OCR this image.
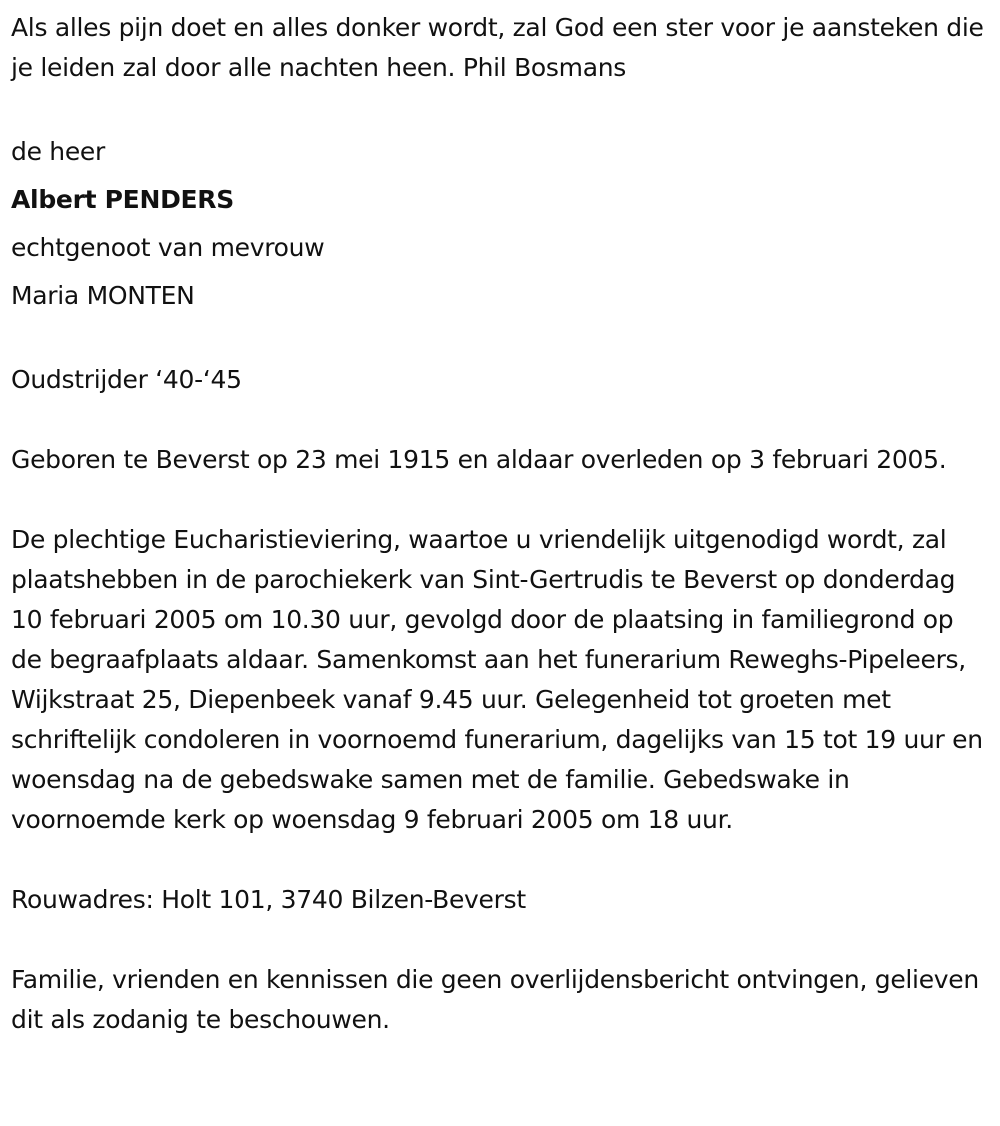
Als alles pijn doet en alles donker wordt, zal God een ster voor je aansteken die je leiden zal door alle nachten heen. Phil Bosmans

de heer

Albert PENDERS

echtgenoot van mevrouw

Maria MONTEN

Oudstrijder ‘40-‘45

Geboren te Beverst op 23 mei 1915 en aldaar overleden op 3 februari 2005.

De plechtige Eucharistieviering, waartoe u vriendelijk uitgenodigd wordt, zal plaatshebben in de parochiekerk van Sint-Gertrudis te Beverst op donderdag 10 februari 2005 om 10.30 uur, gevolgd door de plaatsing in familiegrond op de begraafplaats aldaar. Samenkomst aan het funerarium Reweghs-Pipeleers, Wijkstraat 25, Diepenbeek vanaf 9.45 uur. Gelegenheid tot groeten met schriftelijk condoleren in voornoemd funerarium, dagelijks van 15 tot 19 uur en woensdag na de gebedswake samen met de familie. Gebedswake in voornoemde kerk op woensdag 9 februari 2005 om 18 uur.

Rouwadres: Holt 101, 3740 Bilzen-Beverst

Familie, vrienden en kennissen die geen overlijdensbericht ontvingen, gelieven dit als zodanig te beschouwen.
